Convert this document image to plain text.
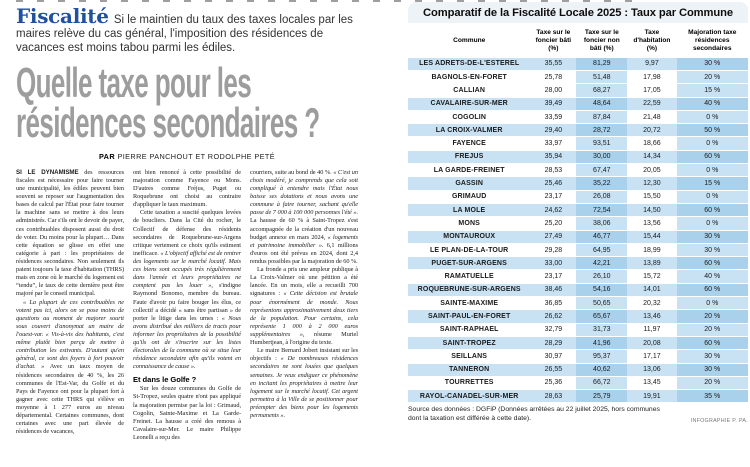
Fiscalité Si le maintien du taux des taxes locales par les maires relève du cas général, l'imposition des résidences de vacances est moins tabou parmi les édiles.

Quelle taxe pour les
résidences secondaires ?
PAR PIERRE PANCHOUT ET RODOLPHE PETÉ

SI LE DYNAMISME des ressources fiscales est nécessaire pour faire tourner une municipalité, les édiles peuvent bien souvent se reposer sur l'augmentation des bases de calcul par l'État pour faire tourner la machine sans se mettre à dos leurs administrés. Car s'ils ont le devoir de payer, ces contribuables disposent aussi du droit de voter. Du moins pour la plupart… Dans cette équation se glisse en effet une catégorie à part : les propriétaires de résidences secondaires. Non seulement ils paient toujours la taxe d'habitation (THRS) mais en zone où le marché du logement est “tendu”, le taux de cette dernière peut être majoré par le conseil municipal.

« La plupart de ces contribuables ne votent pas ici, alors on se pose moins de questions au moment de majorer sourit sous couvert d'anonymat un maire de l'ouest-var. « Vis-à-vis des habitants, c'est même plutôt bien perçu de mettre à contribution les estivants. D'autant qu'en général, ce sont des foyers à fort pouvoir d'achat. » Avec un taux moyen de résidences secondaires de 40 %, les 26 communes de l'Est-Var, du Golfe et du Pays de Fayence ont pour la plupart fort à gagner avec cette THRS qui s'élève en moyenne à 1 277 euros au niveau départemental. Certaines communes, dont certaines avec une part élevée de résidences de vacances,

ont bien renoncé à cette possibilité de majoration comme Fayence ou Mons. D'autres comme Fréjus, Puget ou Roquebrune ont choisi au contraire d'appliquer le taux maximum.

Cette taxation a suscité quelques levées de boucliers. Dans la Cité du rocher, le Collectif de défense des résidents secondaires de Roquebrune-sur-Argens critique vertement ce choix qu'ils estiment inefficace. « L'objectif affiché est de rentrer des logements sur le marché locatif. Mais ces biens sont occupés très régulièrement dans l'année et leurs propriétaires ne comptent pas les louer », s'indigne Raymond Bonomo, membre du bureau. Faute d'avoir pu faire bouger les élus, ce collectif a décidé « sans être partisan » de porter le litige dans les urnes : « Nous avons distribué des milliers de tracts pour informer les propriétaires de la possibilité qu'ils ont de s'inscrire sur les listes électorales de la commune où se situe leur résidence secondaire afin qu'ils votent en connaissance de cause ».

Et dans le Golfe ?

Sur les douze communes du Golfe de St-Tropez, seules quatre n'ont pas appliqué la majoration permise par la loi : Grimaud, Cogolin, Sainte-Maxime et La Garde-Freinet. La hausse a créé des remous à Cavalaire-sur-Mer. Le maire Philippe Leonelli a reçu des

courriers, suite au bond de 40 %. « C'est un choix modéré, je comprends que cela soit compliqué à entendre mais l'État nous baisse ses dotations et nous avons une commune à faire tourner, sachant qu'elle passe de 7 000 à 100 000 personnes l'été ». La hausse de 60 % à Saint-Tropez s'est accompagnée de la création d'un nouveau budget annexe en mars 2024, « logements et patrimoine immobilier ». 6,1 millions d'euros ont été prévus en 2024, dont 2,4 rendus possibles par la majoration de 60 %.

La fronde a pris une ampleur publique à La Croix-Valmer où une pétition a été lancée. En un mois, elle a recueilli 700 signatures : « Cette décision est brutale pour énormément de monde. Nous représentons approximativement deux tiers de la population. Pour certains, cela représente 1 000 à 2 000 euros supplémentaires », résume Muriel Humbertjean, à l'origine du texte.

Le maire Bernard Jobert insistant sur les objectifs : « De nombreuses résidences secondaires ne sont louées que quelques semaines. Je veux endiguer ce phénomène en incitant les propriétaires à mettre leur logement sur le marché locatif. Cet argent permettra à la Ville de se positionner pour préempter des biens pour les logements permanents ».

Comparatif de la Fiscalité Locale 2025 : Taux par Commune
Commune	Taxe sur le foncier bâti (%)	Taxe sur le foncier non bâti (%)	Taxe d'habitation (%)	Majoration taxe résidences secondaires
LES ADRETS-DE-L'ESTEREL	35,55	81,29	9,97	30 %
BAGNOLS-EN-FORET	25,78	51,48	17,98	20 %
CALLIAN	28,00	68,27	17,05	15 %
CAVALAIRE-SUR-MER	39,49	48,64	22,59	40 %
COGOLIN	33,59	87,84	21,48	0 %
LA CROIX-VALMER	29,40	28,72	20,72	50 %
FAYENCE	33,97	93,51	18,66	0 %
FREJUS	35,94	30,00	14,34	60 %
LA GARDE-FREINET	28,53	67,47	20,05	0 %
GASSIN	25,46	35,22	12,30	15 %
GRIMAUD	23,17	26,08	15,50	0 %
LA MOLE	24,62	72,54	14,50	60 %
MONS	25,20	38,06	13,56	0 %
MONTAUROUX	27,49	46,77	15,44	30 %
LE PLAN-DE-LA-TOUR	29,28	64,95	18,99	30 %
PUGET-SUR-ARGENS	33,00	42,21	13,89	60 %
RAMATUELLE	23,17	26,10	15,72	40 %
ROQUEBRUNE-SUR-ARGENS	38,46	54,16	14,01	60 %
SAINTE-MAXIME	36,85	50,65	20,32	0 %
SAINT-PAUL-EN-FORET	26,62	65,67	13,46	20 %
SAINT-RAPHAEL	32,79	31,73	11,97	20 %
SAINT-TROPEZ	28,29	41,96	20,08	60 %
SEILLANS	30,97	95,37	17,17	30 %
TANNERON	26,55	40,62	13,06	30 %
TOURRETTES	25,36	66,72	13,45	20 %
RAYOL-CANADEL-SUR-MER	28,63	25,79	19,91	35 %
Source des données : DGFiP (Données arrêtées au 22 juillet 2025, hors communes dont la taxation est différée à cette date).	INFOGRAPHIE P. PA.
